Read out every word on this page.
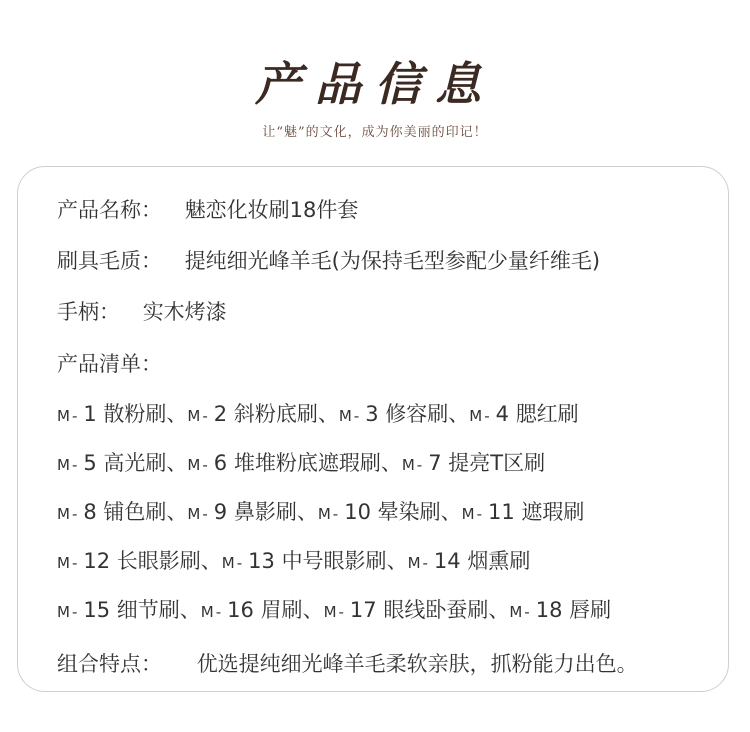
产品信息
让“魅”的文化，成为你美丽的印记！
产品名称： 魅恋化妆刷18件套
刷具毛质： 提纯细光峰羊毛(为保持毛型参配少量纤维毛)
手柄： 实木烤漆
产品清单：
M- 1 散粉刷、M- 2 斜粉底刷、M- 3 修容刷、M- 4 腮红刷
M- 5 高光刷、M- 6 堆堆粉底遮瑕刷、M- 7 提亮T区刷
M- 8 铺色刷、M- 9 鼻影刷、M- 10 晕染刷、M- 11 遮瑕刷
M- 12 长眼影刷、M- 13 中号眼影刷、M- 14 烟熏刷
M- 15 细节刷、M- 16 眉刷、M- 17 眼线卧蚕刷、M- 18 唇刷
组合特点： 优选提纯细光峰羊毛柔软亲肤，抓粉能力出色。
